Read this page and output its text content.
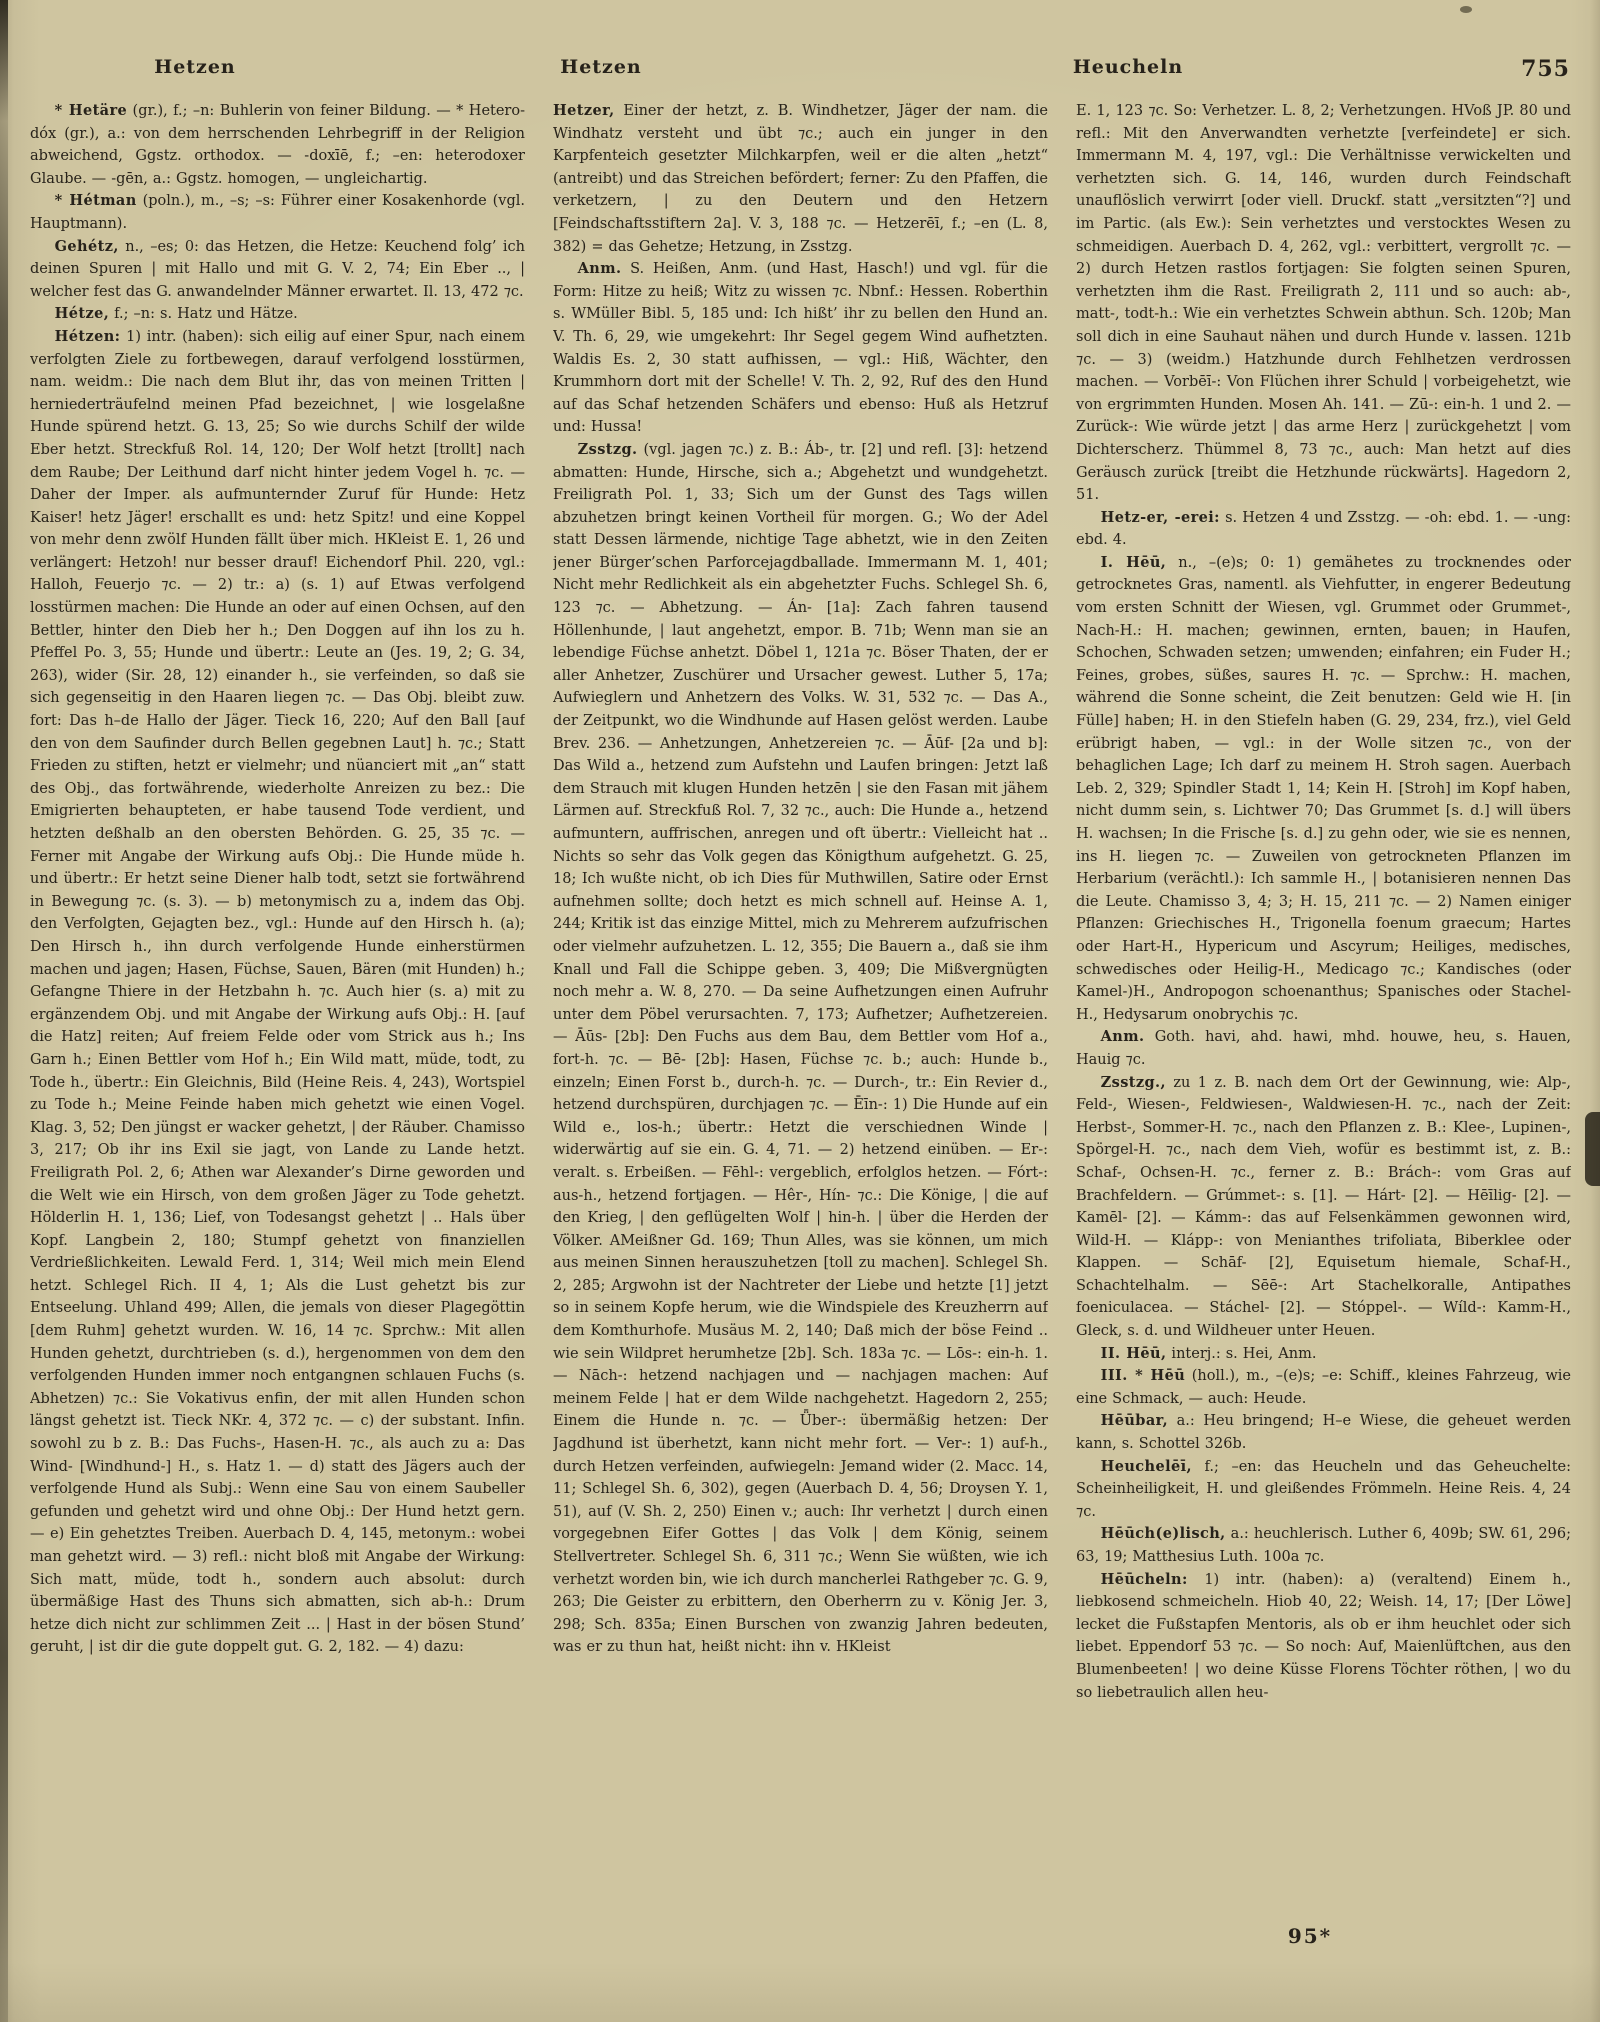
Hetzen	Hetzen	Heucheln	755

* Hetäre (gr.), f.; –n: Buhlerin von feiner Bildung. — * Hetero-dóx (gr.), a.: von dem herrschenden Lehrbegriff in der Religion abweichend, Ggstz. orthodox. — -doxīē, f.; –en: heterodoxer Glaube. — -gēn, a.: Ggstz. homogen, — ungleichartig.

* Hétman (poln.), m., –s; –s: Führer einer Kosakenhorde (vgl. Hauptmann).

Gehétz, n., –es; 0: das Hetzen, die Hetze: Keuchend folg’ ich deinen Spuren | mit Hallo und mit G. V. 2, 74; Ein Eber .., | welcher fest das G. anwandelnder Männer erwartet. Il. 13, 472 ⁊c.

Hétze, f.; –n: s. Hatz und Hätze.

Hétzen: 1) intr. (haben): sich eilig auf einer Spur, nach einem verfolgten Ziele zu fortbewegen, darauf verfolgend losstürmen, nam. weidm.: Die nach dem Blut ihr, das von meinen Tritten | herniederträufelnd meinen Pfad bezeichnet, | wie losgelaßne Hunde spürend hetzt. G. 13, 25; So wie durchs Schilf der wilde Eber hetzt. Streckfuß Rol. 14, 120; Der Wolf hetzt [trollt] nach dem Raube; Der Leithund darf nicht hinter jedem Vogel h. ⁊c. — Daher der Imper. als aufmunternder Zuruf für Hunde: Hetz Kaiser! hetz Jäger! erschallt es und: hetz Spitz! und eine Koppel von mehr denn zwölf Hunden fällt über mich. HKleist E. 1, 26 und verlängert: Hetzoh! nur besser drauf! Eichendorf Phil. 220, vgl.: Halloh, Feuerjo ⁊c. — 2) tr.: a) (s. 1) auf Etwas verfolgend losstürmen machen: Die Hunde an oder auf einen Ochsen, auf den Bettler, hinter den Dieb her h.; Den Doggen auf ihn los zu h. Pfeffel Po. 3, 55; Hunde und übertr.: Leute an (Jes. 19, 2; G. 34, 263), wider (Sir. 28, 12) einander h., sie verfeinden, so daß sie sich gegenseitig in den Haaren liegen ⁊c. — Das Obj. bleibt zuw. fort: Das h–de Hallo der Jäger. Tieck 16, 220; Auf den Ball [auf den von dem Saufinder durch Bellen gegebnen Laut] h. ⁊c.; Statt Frieden zu stiften, hetzt er vielmehr; und nüanciert mit „an“ statt des Obj., das fortwährende, wiederholte Anreizen zu bez.: Die Emigrierten behaupteten, er habe tausend Tode verdient, und hetzten deßhalb an den obersten Behörden. G. 25, 35 ⁊c. — Ferner mit Angabe der Wirkung aufs Obj.: Die Hunde müde h. und übertr.: Er hetzt seine Diener halb todt, setzt sie fortwährend in Bewegung ⁊c. (s. 3). — b) metonymisch zu a, indem das Obj. den Verfolgten, Gejagten bez., vgl.: Hunde auf den Hirsch h. (a); Den Hirsch h., ihn durch verfolgende Hunde einherstürmen machen und jagen; Hasen, Füchse, Sauen, Bären (mit Hunden) h.; Gefangne Thiere in der Hetzbahn h. ⁊c. Auch hier (s. a) mit zu ergänzendem Obj. und mit Angabe der Wirkung aufs Obj.: H. [auf die Hatz] reiten; Auf freiem Felde oder vom Strick aus h.; Ins Garn h.; Einen Bettler vom Hof h.; Ein Wild matt, müde, todt, zu Tode h., übertr.: Ein Gleichnis, Bild (Heine Reis. 4, 243), Wortspiel zu Tode h.; Meine Feinde haben mich gehetzt wie einen Vogel. Klag. 3, 52; Den jüngst er wacker gehetzt, | der Räuber. Chamisso 3, 217; Ob ihr ins Exil sie jagt, von Lande zu Lande hetzt. Freiligrath Pol. 2, 6; Athen war Alexander’s Dirne geworden und die Welt wie ein Hirsch, von dem großen Jäger zu Tode gehetzt. Hölderlin H. 1, 136; Lief, von Todesangst gehetzt | .. Hals über Kopf. Langbein 2, 180; Stumpf gehetzt von finanziellen Verdrießlichkeiten. Lewald Ferd. 1, 314; Weil mich mein Elend hetzt. Schlegel Rich. II 4, 1; Als die Lust gehetzt bis zur Entseelung. Uhland 499; Allen, die jemals von dieser Plagegöttin [dem Ruhm] gehetzt wurden. W. 16, 14 ⁊c. Sprchw.: Mit allen Hunden gehetzt, durchtrieben (s. d.), hergenommen von dem den verfolgenden Hunden immer noch entgangnen schlauen Fuchs (s. Abhetzen) ⁊c.: Sie Vokativus enfin, der mit allen Hunden schon längst gehetzt ist. Tieck NKr. 4, 372 ⁊c. — c) der substant. Infin. sowohl zu b z. B.: Das Fuchs-, Hasen-H. ⁊c., als auch zu a: Das Wind- [Windhund-] H., s. Hatz 1. — d) statt des Jägers auch der verfolgende Hund als Subj.: Wenn eine Sau von einem Saubeller gefunden und gehetzt wird und ohne Obj.: Der Hund hetzt gern. — e) Ein gehetztes Treiben. Auerbach D. 4, 145, metonym.: wobei man gehetzt wird. — 3) refl.: nicht bloß mit Angabe der Wirkung: Sich matt, müde, todt h., sondern auch absolut: durch übermäßige Hast des Thuns sich abmatten, sich ab-h.: Drum hetze dich nicht zur schlimmen Zeit ... | Hast in der bösen Stund’ geruht, | ist dir die gute doppelt gut. G. 2, 182. — 4) dazu:

Hetzer, Einer der hetzt, z. B. Windhetzer, Jäger der nam. die Windhatz versteht und übt ⁊c.; auch ein junger in den Karpfenteich gesetzter Milchkarpfen, weil er die alten „hetzt“ (antreibt) und das Streichen befördert; ferner: Zu den Pfaffen, die verketzern, | zu den Deutern und den Hetzern [Feindschaftsstiftern 2a]. V. 3, 188 ⁊c. — Hetzerēī, f.; –en (L. 8, 382) = das Gehetze; Hetzung, in Zsstzg.

Anm. S. Heißen, Anm. (und Hast, Hasch!) und vgl. für die Form: Hitze zu heiß; Witz zu wissen ⁊c. Nbnf.: Hessen. Roberthin s. WMüller Bibl. 5, 185 und: Ich hißt’ ihr zu bellen den Hund an. V. Th. 6, 29, wie umgekehrt: Ihr Segel gegem Wind aufhetzten. Waldis Es. 2, 30 statt aufhissen, — vgl.: Hiß, Wächter, den Krummhorn dort mit der Schelle! V. Th. 2, 92, Ruf des den Hund auf das Schaf hetzenden Schäfers und ebenso: Huß als Hetzruf und: Hussa!

Zsstzg. (vgl. jagen ⁊c.) z. B.: Áb-, tr. [2] und refl. [3]: hetzend abmatten: Hunde, Hirsche, sich a.; Abgehetzt und wundgehetzt. Freiligrath Pol. 1, 33; Sich um der Gunst des Tags willen abzuhetzen bringt keinen Vortheil für morgen. G.; Wo der Adel statt Dessen lärmende, nichtige Tage abhetzt, wie in den Zeiten jener Bürger’schen Parforcejagdballade. Immermann M. 1, 401; Nicht mehr Redlichkeit als ein abgehetzter Fuchs. Schlegel Sh. 6, 123 ⁊c. — Abhetzung. — Án- [1a]: Zach fahren tausend Höllenhunde, | laut angehetzt, empor. B. 71b; Wenn man sie an lebendige Füchse anhetzt. Döbel 1, 121a ⁊c. Böser Thaten, der er aller Anhetzer, Zuschürer und Ursacher gewest. Luther 5, 17a; Aufwieglern und Anhetzern des Volks. W. 31, 532 ⁊c. — Das A., der Zeitpunkt, wo die Windhunde auf Hasen gelöst werden. Laube Brev. 236. — Anhetzungen, Anhetzereien ⁊c. — Āūf- [2a und b]: Das Wild a., hetzend zum Aufstehn und Laufen bringen: Jetzt laß dem Strauch mit klugen Hunden hetzēn | sie den Fasan mit jähem Lärmen auf. Streckfuß Rol. 7, 32 ⁊c., auch: Die Hunde a., hetzend aufmuntern, auffrischen, anregen und oft übertr.: Vielleicht hat .. Nichts so sehr das Volk gegen das Königthum aufgehetzt. G. 25, 18; Ich wußte nicht, ob ich Dies für Muthwillen, Satire oder Ernst aufnehmen sollte; doch hetzt es mich schnell auf. Heinse A. 1, 244; Kritik ist das einzige Mittel, mich zu Mehrerem aufzufrischen oder vielmehr aufzuhetzen. L. 12, 355; Die Bauern a., daß sie ihm Knall und Fall die Schippe geben. 3, 409; Die Mißvergnügten noch mehr a. W. 8, 270. — Da seine Aufhetzungen einen Aufruhr unter dem Pöbel verursachten. 7, 173; Aufhetzer; Aufhetzereien. — Āūs- [2b]: Den Fuchs aus dem Bau, dem Bettler vom Hof a., fort-h. ⁊c. — Bē- [2b]: Hasen, Füchse ⁊c. b.; auch: Hunde b., einzeln; Einen Forst b., durch-h. ⁊c. — Durch-, tr.: Ein Revier d., hetzend durchspüren, durchjagen ⁊c. — Ēīn-: 1) Die Hunde auf ein Wild e., los-h.; übertr.: Hetzt die verschiednen Winde | widerwärtig auf sie ein. G. 4, 71. — 2) hetzend einüben. — Er-: veralt. s. Erbeißen. — Fēhl-: vergeblich, erfolglos hetzen. — Fórt-: aus-h., hetzend fortjagen. — Hêr-, Hín- ⁊c.: Die Könige, | die auf den Krieg, | den geflügelten Wolf | hin-h. | über die Herden der Völker. AMeißner Gd. 169; Thun Alles, was sie können, um mich aus meinen Sinnen herauszuhetzen [toll zu machen]. Schlegel Sh. 2, 285; Argwohn ist der Nachtreter der Liebe und hetzte [1] jetzt so in seinem Kopfe herum, wie die Windspiele des Kreuzherrn auf dem Komthurhofe. Musäus M. 2, 140; Daß mich der böse Feind .. wie sein Wildpret herumhetze [2b]. Sch. 183a ⁊c. — Lōs-: ein-h. 1. — Nāch-: hetzend nachjagen und — nachjagen machen: Auf meinem Felde | hat er dem Wilde nachgehetzt. Hagedorn 2, 255; Einem die Hunde n. ⁊c. — Ǖber-: übermäßig hetzen: Der Jagdhund ist überhetzt, kann nicht mehr fort. — Ver-: 1) auf-h., durch Hetzen verfeinden, aufwiegeln: Jemand wider (2. Macc. 14, 11; Schlegel Sh. 6, 302), gegen (Auerbach D. 4, 56; Droysen Y. 1, 51), auf (V. Sh. 2, 250) Einen v.; auch: Ihr verhetzt | durch einen vorgegebnen Eifer Gottes | das Volk | dem König, seinem Stellvertreter. Schlegel Sh. 6, 311 ⁊c.; Wenn Sie wüßten, wie ich verhetzt worden bin, wie ich durch mancherlei Rathgeber ⁊c. G. 9, 263; Die Geister zu erbittern, den Oberherrn zu v. König Jer. 3, 298; Sch. 835a; Einen Burschen von zwanzig Jahren bedeuten, was er zu thun hat, heißt nicht: ihn v. HKleist

E. 1, 123 ⁊c. So: Verhetzer. L. 8, 2; Verhetzungen. HVoß JP. 80 und refl.: Mit den Anverwandten verhetzte [verfeindete] er sich. Immermann M. 4, 197, vgl.: Die Verhältnisse verwickelten und verhetzten sich. G. 14, 146, wurden durch Feindschaft unauflöslich verwirrt [oder viell. Druckf. statt „versitzten“?] und im Partic. (als Ew.): Sein verhetztes und verstocktes Wesen zu schmeidigen. Auerbach D. 4, 262, vgl.: verbittert, vergrollt ⁊c. — 2) durch Hetzen rastlos fortjagen: Sie folgten seinen Spuren, verhetzten ihm die Rast. Freiligrath 2, 111 und so auch: ab-, matt-, todt-h.: Wie ein verhetztes Schwein abthun. Sch. 120b; Man soll dich in eine Sauhaut nähen und durch Hunde v. lassen. 121b ⁊c. — 3) (weidm.) Hatzhunde durch Fehlhetzen verdrossen machen. — Vorbēī-: Von Flüchen ihrer Schuld | vorbeigehetzt, wie von ergrimmten Hunden. Mosen Ah. 141. — Zū-: ein-h. 1 und 2. — Zurück-: Wie würde jetzt | das arme Herz | zurückgehetzt | vom Dichterscherz. Thümmel 8, 73 ⁊c., auch: Man hetzt auf dies Geräusch zurück [treibt die Hetzhunde rückwärts]. Hagedorn 2, 51.

Hetz-er, -erei: s. Hetzen 4 und Zsstzg. — -oh: ebd. 1. — -ung: ebd. 4.

I. Hēū, n., –(e)s; 0: 1) gemähetes zu trocknendes oder getrocknetes Gras, namentl. als Viehfutter, in engerer Bedeutung vom ersten Schnitt der Wiesen, vgl. Grummet oder Grummet-, Nach-H.: H. machen; gewinnen, ernten, bauen; in Haufen, Schochen, Schwaden setzen; umwenden; einfahren; ein Fuder H.; Feines, grobes, süßes, saures H. ⁊c. — Sprchw.: H. machen, während die Sonne scheint, die Zeit benutzen: Geld wie H. [in Fülle] haben; H. in den Stiefeln haben (G. 29, 234, frz.), viel Geld erübrigt haben, — vgl.: in der Wolle sitzen ⁊c., von der behaglichen Lage; Ich darf zu meinem H. Stroh sagen. Auerbach Leb. 2, 329; Spindler Stadt 1, 14; Kein H. [Stroh] im Kopf haben, nicht dumm sein, s. Lichtwer 70; Das Grummet [s. d.] will übers H. wachsen; In die Frische [s. d.] zu gehn oder, wie sie es nennen, ins H. liegen ⁊c. — Zuweilen von getrockneten Pflanzen im Herbarium (verächtl.): Ich sammle H., | botanisieren nennen Das die Leute. Chamisso 3, 4; 3; H. 15, 211 ⁊c. — 2) Namen einiger Pflanzen: Griechisches H., Trigonella foenum graecum; Hartes oder Hart-H., Hypericum und Ascyrum; Heiliges, medisches, schwedisches oder Heilig-H., Medicago ⁊c.; Kandisches (oder Kamel-)H., Andropogon schoenanthus; Spanisches oder Stachel-H., Hedysarum onobrychis ⁊c.

Anm. Goth. havi, ahd. hawi, mhd. houwe, heu, s. Hauen, Hauig ⁊c.

Zsstzg., zu 1 z. B. nach dem Ort der Gewinnung, wie: Alp-, Feld-, Wiesen-, Feldwiesen-, Waldwiesen-H. ⁊c., nach der Zeit: Herbst-, Sommer-H. ⁊c., nach den Pflanzen z. B.: Klee-, Lupinen-, Spörgel-H. ⁊c., nach dem Vieh, wofür es bestimmt ist, z. B.: Schaf-, Ochsen-H. ⁊c., ferner z. B.: Brách-: vom Gras auf Brachfeldern. — Grúmmet-: s. [1]. — Hárt- [2]. — Hēīlig- [2]. — Kamēl- [2]. — Kámm-: das auf Felsenkämmen gewonnen wird, Wild-H. — Klápp-: von Menianthes trifoliata, Biberklee oder Klappen. — Schāf- [2], Equisetum hiemale, Schaf-H., Schachtelhalm. — Sēē-: Art Stachelkoralle, Antipathes foeniculacea. — Stáchel- [2]. — Stóppel-. — Wíld-: Kamm-H., Gleck, s. d. und Wildheuer unter Heuen.

II. Hēū, interj.: s. Hei, Anm.

III. * Hēū (holl.), m., –(e)s; –e: Schiff., kleines Fahrzeug, wie eine Schmack, — auch: Heude.

Hēūbar, a.: Heu bringend; H–e Wiese, die geheuet werden kann, s. Schottel 326b.

Heuchelēī, f.; –en: das Heucheln und das Geheuchelte: Scheinheiligkeit, H. und gleißendes Frömmeln. Heine Reis. 4, 24 ⁊c.

Hēūch(e)lisch, a.: heuchlerisch. Luther 6, 409b; SW. 61, 296; 63, 19; Matthesius Luth. 100a ⁊c.

Hēūcheln: 1) intr. (haben): a) (veraltend) Einem h., liebkosend schmeicheln. Hiob 40, 22; Weish. 14, 17; [Der Löwe] lecket die Fußstapfen Mentoris, als ob er ihm heuchlet oder sich liebet. Eppendorf 53 ⁊c. — So noch: Auf, Maienlüftchen, aus den Blumenbeeten! | wo deine Küsse Florens Töchter röthen, | wo du so liebetraulich allen heu-

95*
